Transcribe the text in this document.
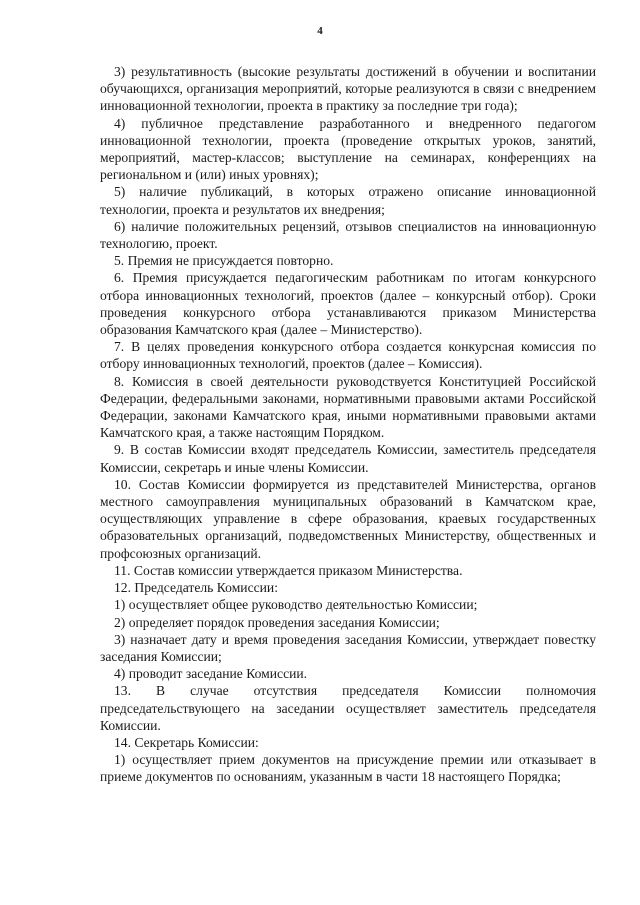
4

3) результативность (высокие результаты достижений в обучении и воспитании обучающихся, организация мероприятий, которые реализуются в связи с внедрением инновационной технологии, проекта в практику за последние три года);

4) публичное представление разработанного и внедренного педагогом инновационной технологии, проекта (проведение открытых уроков, занятий, мероприятий, мастер-классов; выступление на семинарах, конференциях на региональном и (или) иных уровнях);

5) наличие публикаций, в которых отражено описание инновационной технологии, проекта и результатов их внедрения;

6) наличие положительных рецензий, отзывов специалистов на инновационную технологию, проект.

5. Премия не присуждается повторно.

6. Премия присуждается педагогическим работникам по итогам конкурсного отбора инновационных технологий, проектов (далее – конкурсный отбор). Сроки проведения конкурсного отбора устанавливаются приказом Министерства образования Камчатского края (далее – Министерство).

7. В целях проведения конкурсного отбора создается конкурсная комиссия по отбору инновационных технологий, проектов (далее – Комиссия).

8. Комиссия в своей деятельности руководствуется Конституцией Российской Федерации, федеральными законами, нормативными правовыми актами Российской Федерации, законами Камчатского края, иными нормативными правовыми актами Камчатского края, а также настоящим Порядком.

9. В состав Комиссии входят председатель Комиссии, заместитель председателя Комиссии, секретарь и иные члены Комиссии.

10. Состав Комиссии формируется из представителей Министерства, органов местного самоуправления муниципальных образований в Камчатском крае, осуществляющих управление в сфере образования, краевых государственных образовательных организаций, подведомственных Министерству, общественных и профсоюзных организаций.

11. Состав комиссии утверждается приказом Министерства.

12. Председатель Комиссии:

1) осуществляет общее руководство деятельностью Комиссии;

2) определяет порядок проведения заседания Комиссии;

3) назначает дату и время проведения заседания Комиссии, утверждает повестку заседания Комиссии;

4) проводит заседание Комиссии.

13. В случае отсутствия председателя Комиссии полномочия председательствующего на заседании осуществляет заместитель председателя Комиссии.

14. Секретарь Комиссии:

1) осуществляет прием документов на присуждение премии или отказывает в приеме документов по основаниям, указанным в части 18 настоящего Порядка;
